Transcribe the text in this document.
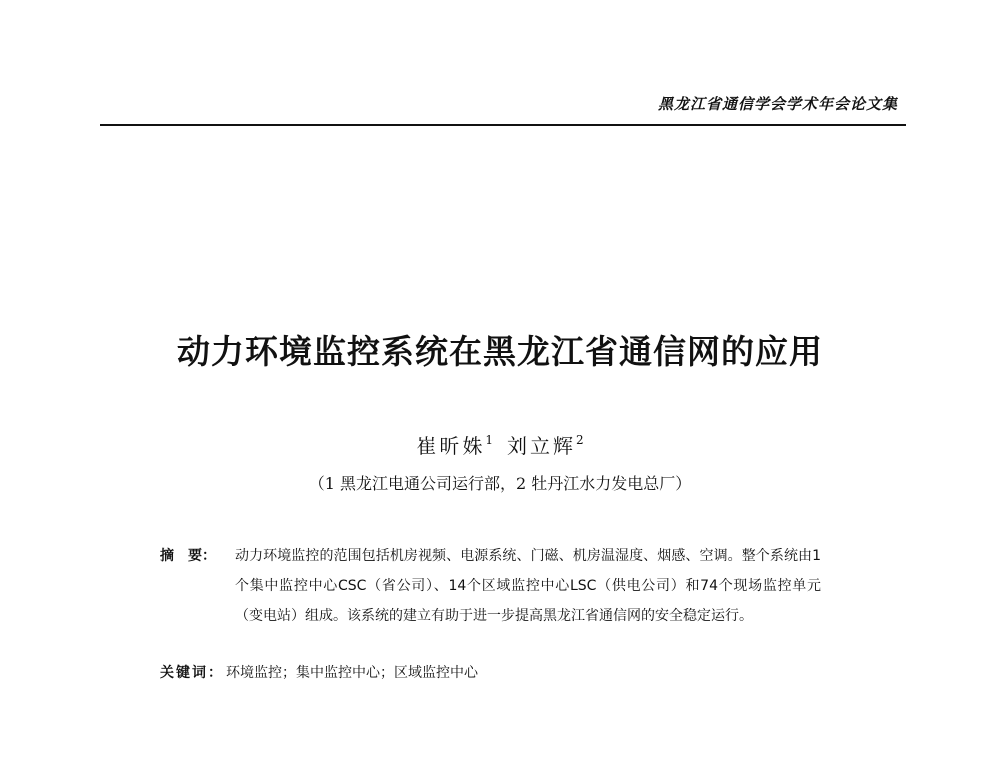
黑龙江省通信学会学术年会论文集
动力环境监控系统在黑龙江省通信网的应用
崔昕姝$^1$ 刘立辉$^2$
（1 黑龙江电通公司运行部，2 牡丹江水力发电总厂）
摘　要： 动力环境监控的范围包括机房视频、电源系统、门磁、机房温湿度、烟感、空调。整个系统由1个集中监控中心CSC（省公司）、14个区域监控中心LSC（供电公司）和74个现场监控单元（变电站）组成。该系统的建立有助于进一步提高黑龙江省通信网的安全稳定运行。
关键词： 环境监控；集中监控中心；区域监控中心
